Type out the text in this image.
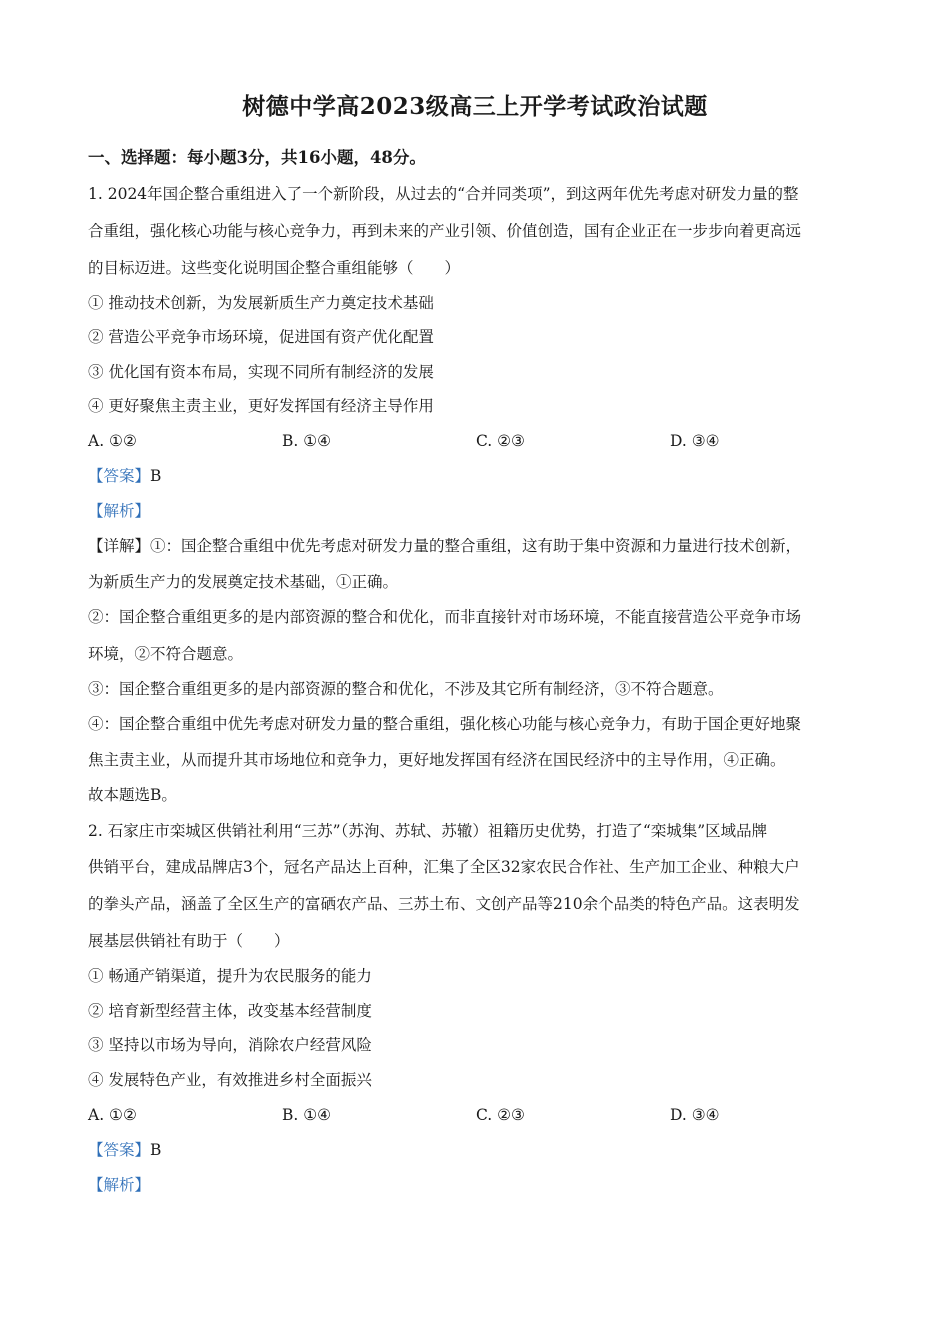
树德中学高2023级高三上开学考试政治试题
一、选择题：每小题3分，共16小题，48分。
1. 2024年国企整合重组进入了一个新阶段，从过去的“合并同类项”，到这两年优先考虑对研发力量的整
合重组，强化核心功能与核心竞争力，再到未来的产业引领、价值创造，国有企业正在一步步向着更高远
的目标迈进。这些变化说明国企整合重组能够（　　）
① 推动技术创新，为发展新质生产力奠定技术基础
② 营造公平竞争市场环境，促进国有资产优化配置
③ 优化国有资本布局，实现不同所有制经济的发展
④ 更好聚焦主责主业，更好发挥国有经济主导作用
A. ①②	B. ①④	C. ②③	D. ③④
【答案】B
【解析】
【详解】①：国企整合重组中优先考虑对研发力量的整合重组，这有助于集中资源和力量进行技术创新，
为新质生产力的发展奠定技术基础，①正确。
②：国企整合重组更多的是内部资源的整合和优化，而非直接针对市场环境，不能直接营造公平竞争市场
环境，②不符合题意。
③：国企整合重组更多的是内部资源的整合和优化，不涉及其它所有制经济，③不符合题意。
④：国企整合重组中优先考虑对研发力量的整合重组，强化核心功能与核心竞争力，有助于国企更好地聚
焦主责主业，从而提升其市场地位和竞争力，更好地发挥国有经济在国民经济中的主导作用，④正确。
故本题选B。
2. 石家庄市栾城区供销社利用“三苏”（苏洵、苏轼、苏辙）祖籍历史优势，打造了“栾城集”区域品牌
供销平台，建成品牌店3个，冠名产品达上百种，汇集了全区32家农民合作社、生产加工企业、种粮大户
的拳头产品，涵盖了全区生产的富硒农产品、三苏土布、文创产品等210余个品类的特色产品。这表明发
展基层供销社有助于（　　）
① 畅通产销渠道，提升为农民服务的能力
② 培育新型经营主体，改变基本经营制度
③ 坚持以市场为导向，消除农户经营风险
④ 发展特色产业，有效推进乡村全面振兴
A. ①②	B. ①④	C. ②③	D. ③④
【答案】B
【解析】
